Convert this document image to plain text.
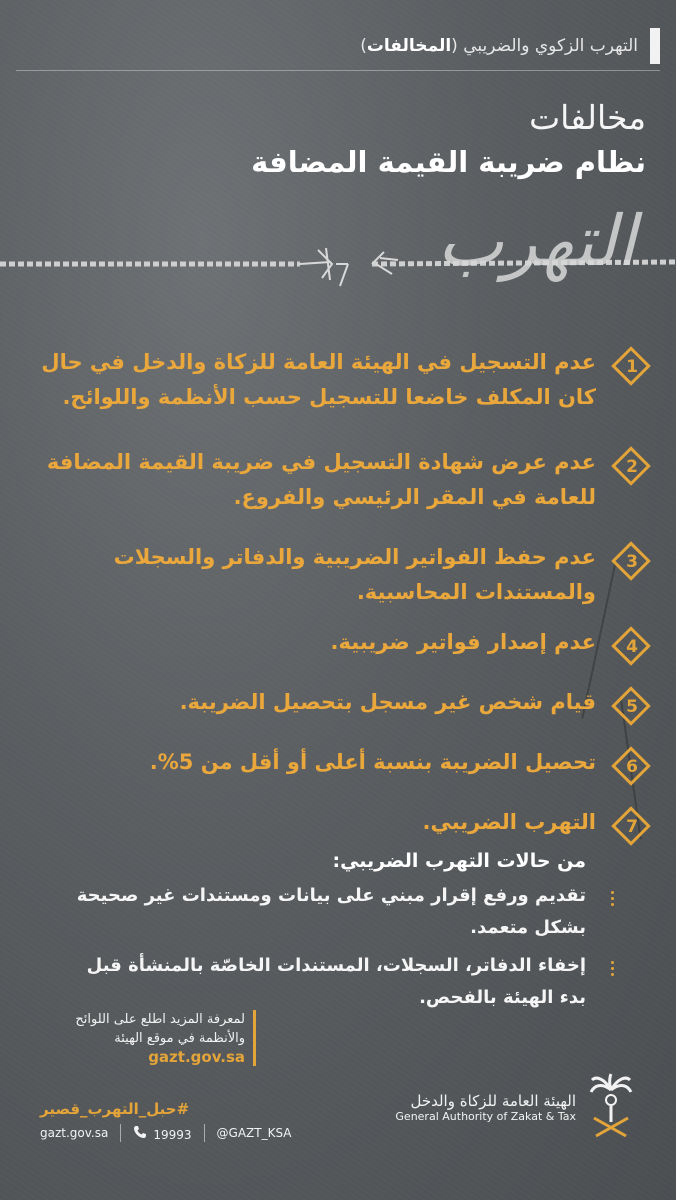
التهرب الزكوي والضريبي (المخالفات)
مخالفات
نظام ضريبة القيمة المضافة
التهرب
1
عدم التسجيل في الهيئة العامة للزكاة والدخل في حال كان المكلف خاضعا للتسجيل حسب الأنظمة واللوائح.
2
عدم عرض شهادة التسجيل في ضريبة القيمة المضافة للعامة في المقر الرئيسي والفروع.
3
عدم حفظ الفواتير الضريبية والدفاتر والسجلات والمستندات المحاسبية.
4
عدم إصدار فواتير ضريبية.
5
قيام شخص غير مسجل بتحصيل الضريبة.
6
تحصيل الضريبة بنسبة أعلى أو أقل من 5%.
7
التهرب الضريبي.
من حالات التهرب الضريبي:
تقديم ورفع إقرار مبني على بيانات ومستندات غير صحيحة بشكل متعمد.
إخفاء الدفاتر، السجلات، المستندات الخاصّة بالمنشأة قبل بدء الهيئة بالفحص.
لمعرفة المزيد اطلع على اللوائح
والأنظمة في موقع الهيئة
gazt.gov.sa
#حبل_التهرب_قصير
gazt.gov.sa	19993 @GAZT_KSA
الهيئة العامة للزكاة والدخل
General Authority of Zakat & Tax
